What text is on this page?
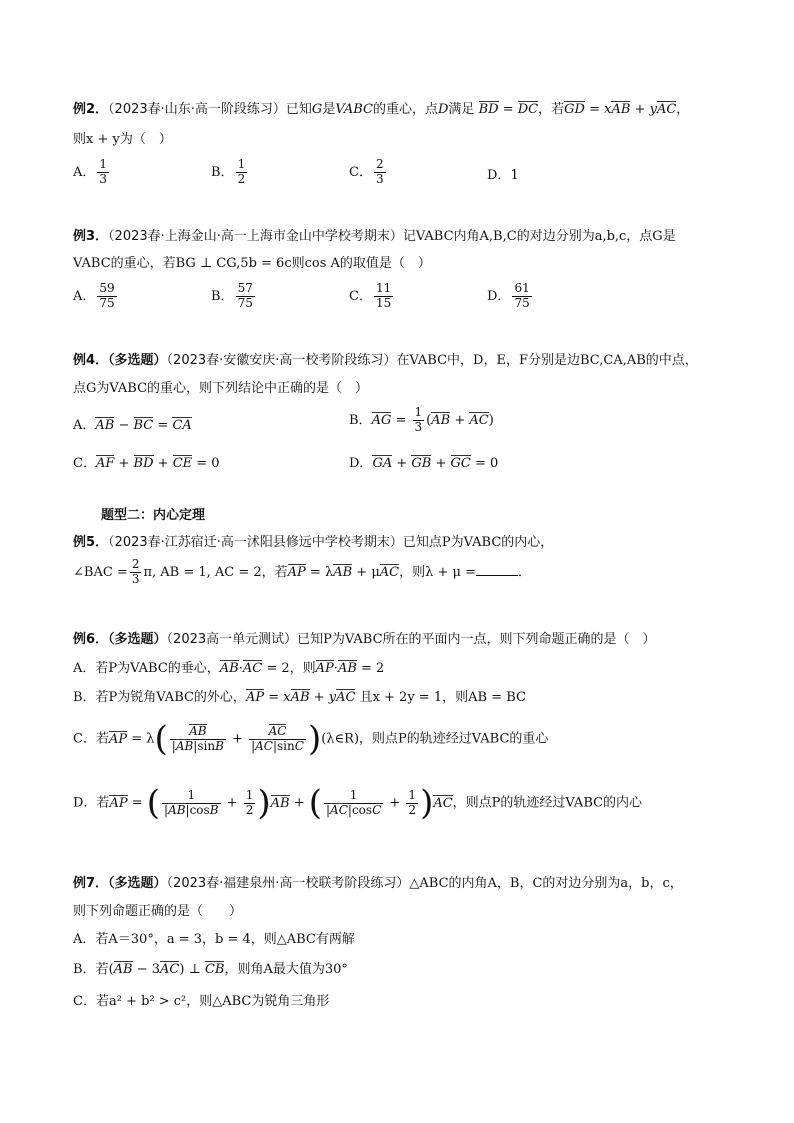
例2．（2023春·山东·高一阶段练习）已知G是VABC的重心，点D满足 BD = DC，若GD = xAB + yAC，
则x + y为（　）
A． $\frac{1}{3}$	B． $\frac{1}{2}$	C． $\frac{2}{3}$	D．1
例3．（2023春·上海金山·高一上海市金山中学校考期末）记VABC内角A,B,C的对边分别为a,b,c，点G是
VABC的重心，若BG ⊥ CG,5b = 6c则cos A的取值是（　）
A． $\frac{59}{75}$	B． $\frac{57}{75}$	C． $\frac{11}{15}$	D． $\frac{61}{75}$
例4．（多选题）（2023春·安徽安庆·高一校考阶段练习）在VABC中，D，E，F分别是边BC,CA,AB的中点，
点G为VABC的重心，则下列结论中正确的是（　）
A．AB − BC = CA	B．AG = $\frac{1}{3} (AB + AC)$
C．AF + BD + CE = 0	D．GA + GB + GC = 0
题型二：内心定理
例5．（2023春·江苏宿迁·高一沭阳县修远中学校考期末）已知点P为VABC的内心，
∠BAC = $\frac{2}{3} \pi$, AB = 1, AC = 2，若AP = λAB + μAC，则λ + μ =	．
例6．（多选题）（2023高一单元测试）已知P为VABC所在的平面内一点，则下列命题正确的是（　）
A．若P为VABC的垂心，AB·AC = 2，则AP·AB = 2
B．若P为锐角VABC的外心，AP = xAB + yAC 且x + 2y = 1，则AB = BC
C．若AP = $\lambda( \frac{AB}{|AB|\sin B} + \frac{AC}{|AC|\sin C}$ )(λ∈R)，则点P的轨迹经过VABC的重心
D．若AP = ( $\frac{1}{|AB|\cos B} + \frac{1}{2} )AB$ + ( $\frac{1}{|AC|\cos C} + \frac{1}{2} )AC$，则点P的轨迹经过VABC的内心
例7．（多选题）（2023春·福建泉州·高一校联考阶段练习）△ABC的内角A，B，C的对边分别为a，b，c，
则下列命题正确的是（　　）
A．若A＝30°，a = 3，b = 4，则△ABC有两解
B．若(AB − 3AC) ⊥ CB，则角A最大值为30°
C．若a² + b² > c²，则△ABC为锐角三角形
